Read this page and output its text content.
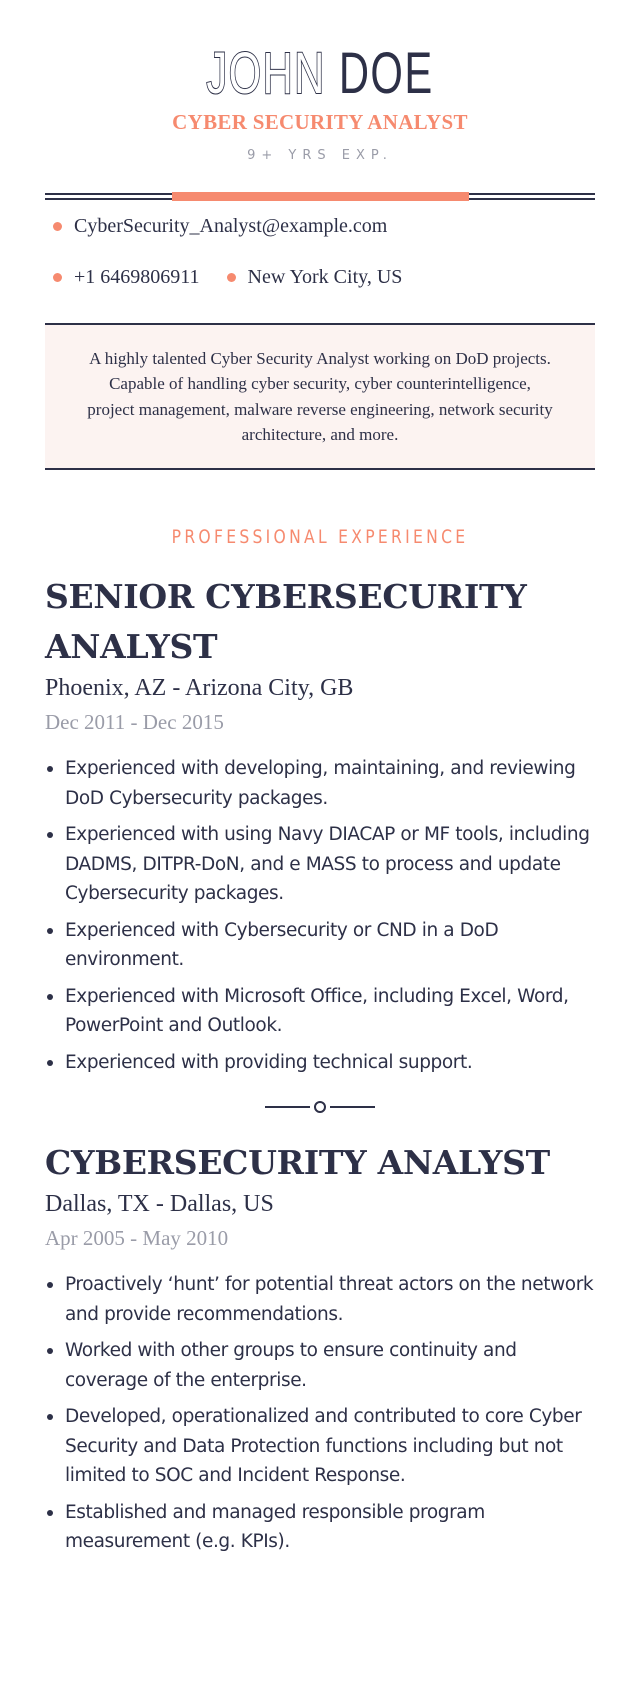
JOHN DOE
CYBER SECURITY ANALYST
9+ YRS EXP.
CyberSecurity_Analyst@example.com
+1 6469806911
New York City, US

A highly talented Cyber Security Analyst working on DoD projects. Capable of handling cyber security, cyber counterintelligence, project management, malware reverse engineering, network security architecture, and more.

PROFESSIONAL EXPERIENCE
SENIOR CYBERSECURITY ANALYST

Phoenix, AZ - Arizona City, GB

Dec 2011 - Dec 2015

Experienced with developing, maintaining, and reviewing DoD Cybersecurity packages.
Experienced with using Navy DIACAP or MF tools, including DADMS, DITPR-DoN, and e MASS to process and update Cybersecurity packages.
Experienced with Cybersecurity or CND in a DoD environment.
Experienced with Microsoft Office, including Excel, Word, PowerPoint and Outlook.
Experienced with providing technical support.
CYBERSECURITY ANALYST

Dallas, TX - Dallas, US

Apr 2005 - May 2010

Proactively ‘hunt’ for potential threat actors on the network and provide recommendations.
Worked with other groups to ensure continuity and coverage of the enterprise.
Developed, operationalized and contributed to core Cyber Security and Data Protection functions including but not limited to SOC and Incident Response.
Established and managed responsible program measurement (e.g. KPIs).
